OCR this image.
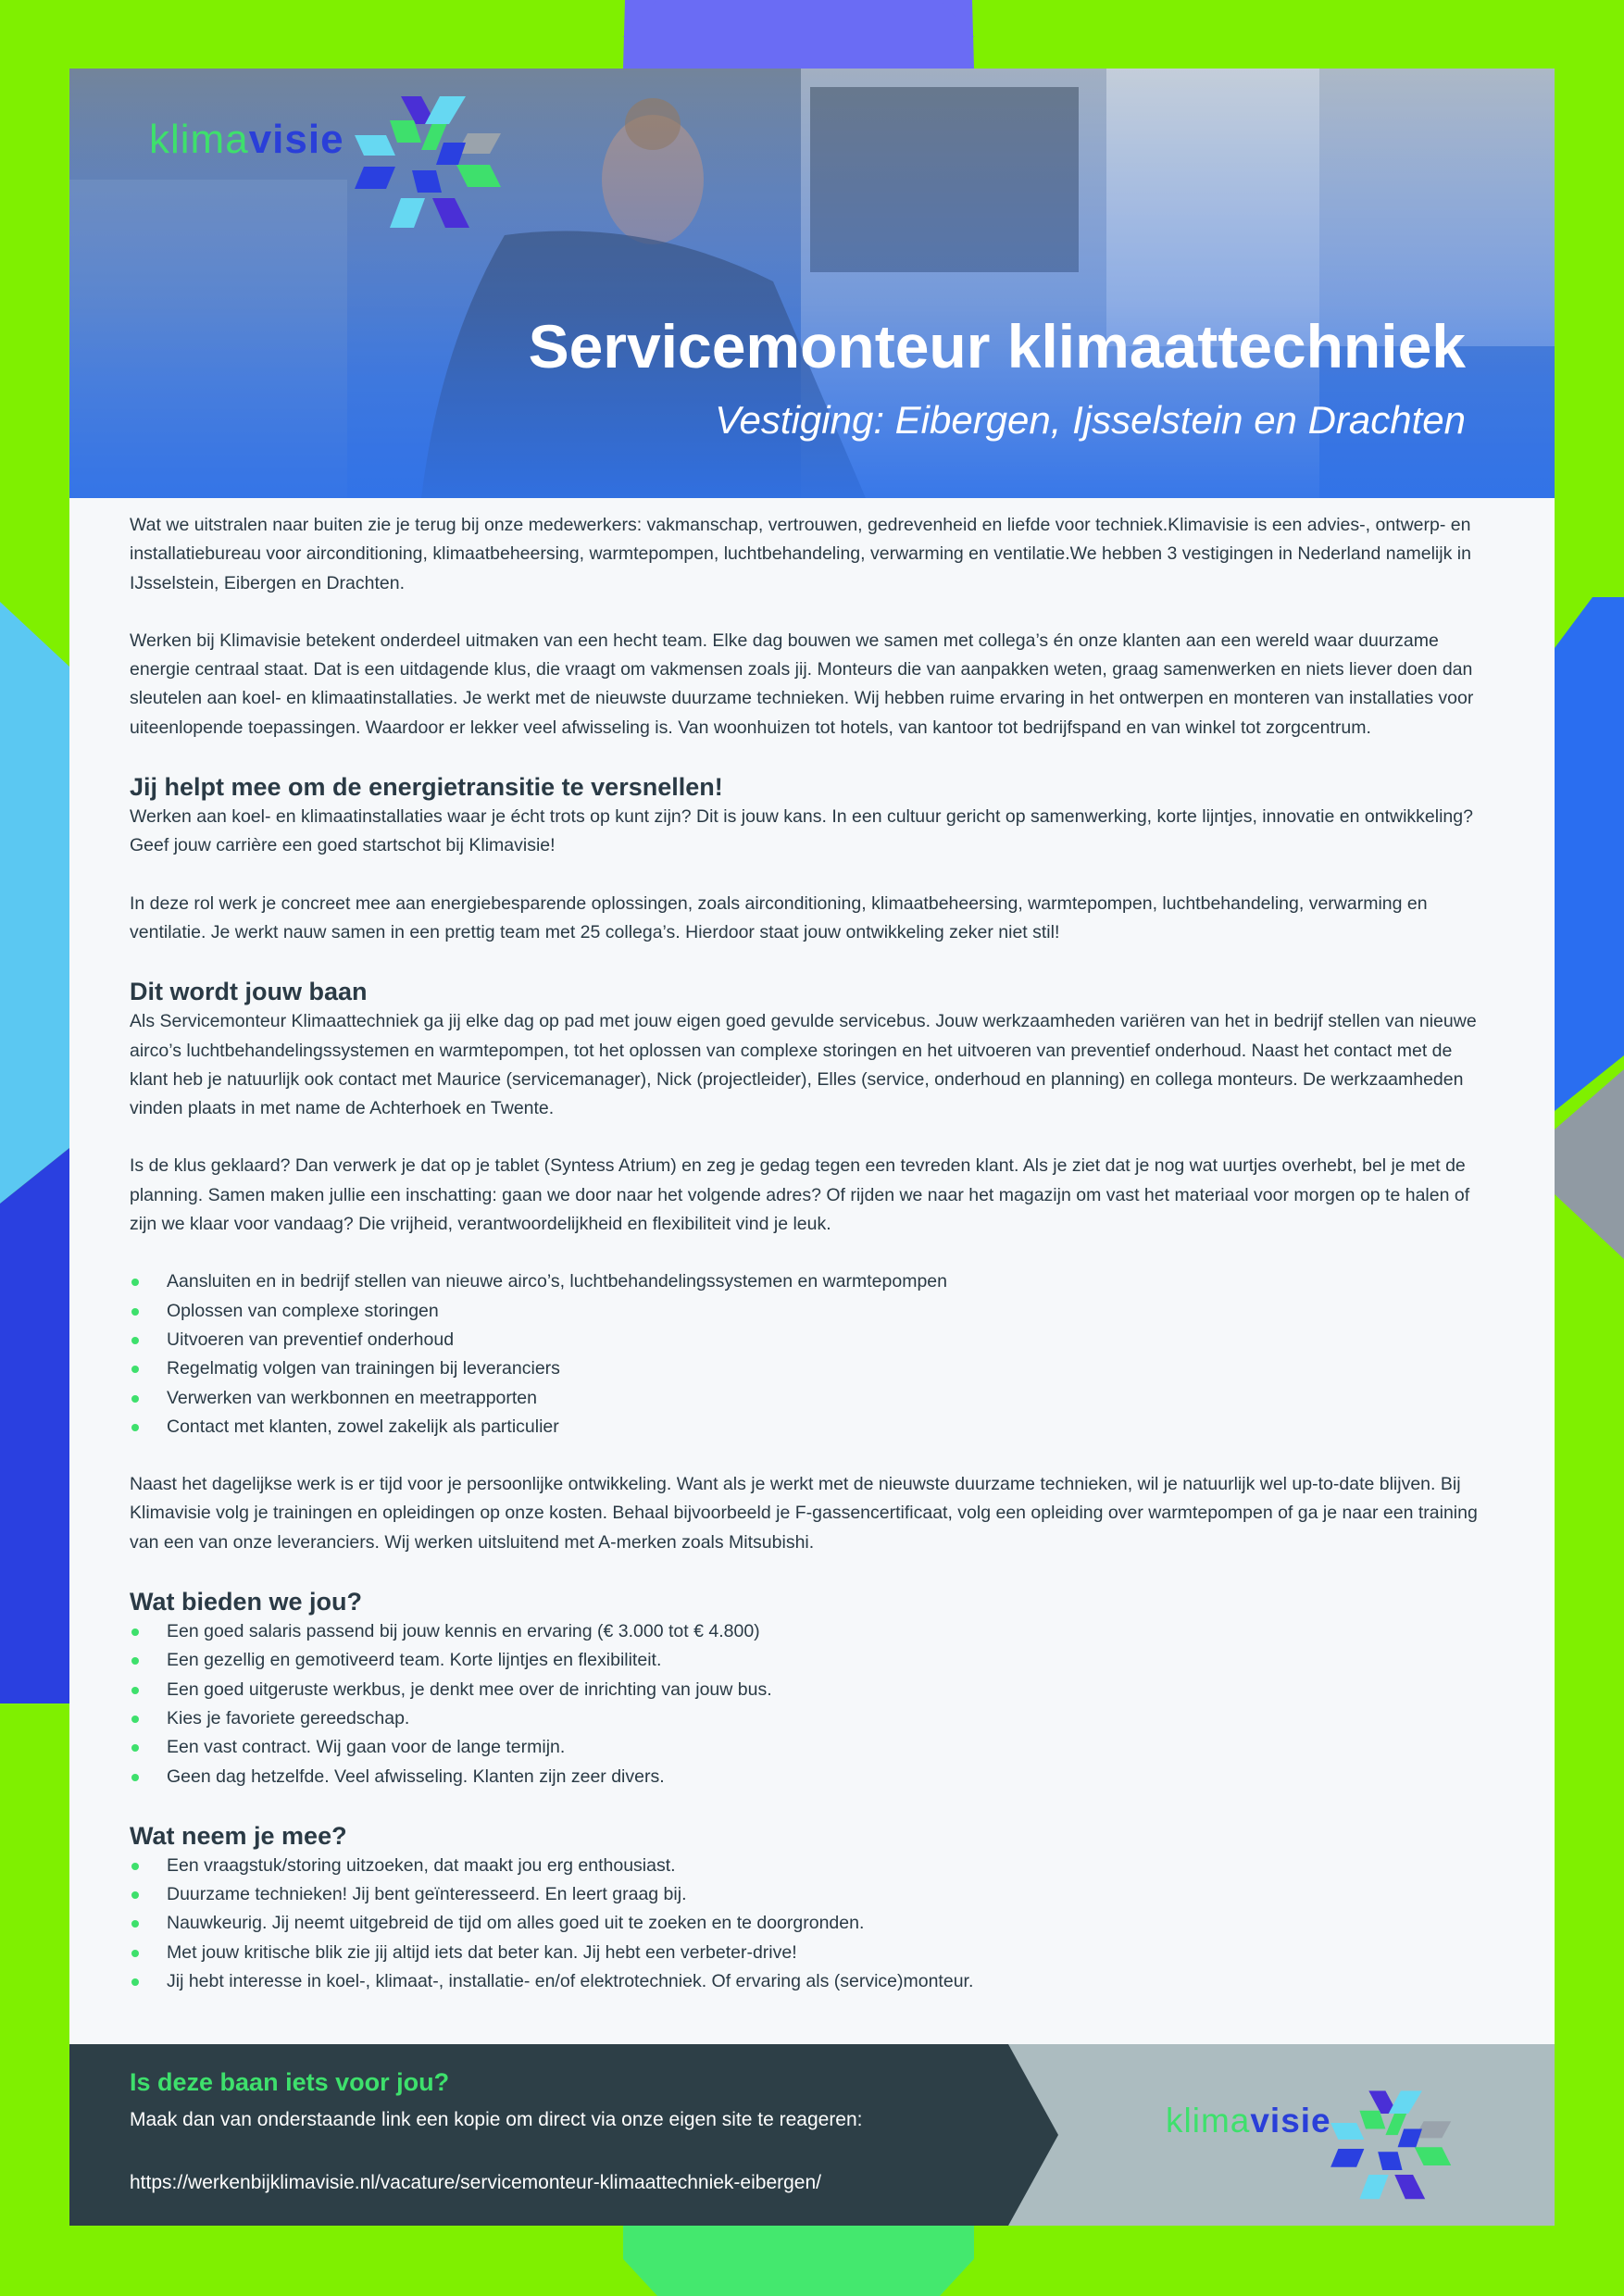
klimavisie
Servicemonteur klimaattechniek

Vestiging: Eibergen, Ijsselstein en Drachten

Wat we uitstralen naar buiten zie je terug bij onze medewerkers: vakmanschap, vertrouwen, gedrevenheid en liefde voor techniek.Klimavisie is een advies-, ontwerp- en installatiebureau voor airconditioning, klimaatbeheersing, warmtepompen, luchtbehandeling, verwarming en ventilatie.We hebben 3 vestigingen in Nederland namelijk in IJsselstein, Eibergen en Drachten.

Werken bij Klimavisie betekent onderdeel uitmaken van een hecht team. Elke dag bouwen we samen met collega’s én onze klanten aan een wereld waar duurzame energie centraal staat. Dat is een uitdagende klus, die vraagt om vakmensen zoals jij. Monteurs die van aanpakken weten, graag samenwerken en niets liever doen dan sleutelen aan koel- en klimaatinstallaties. Je werkt met de nieuwste duurzame technieken. Wij hebben ruime ervaring in het ontwerpen en monteren van installaties voor uiteenlopende toepassingen. Waardoor er lekker veel afwisseling is. Van woonhuizen tot hotels, van kantoor tot bedrijfspand en van winkel tot zorgcentrum.

Jij helpt mee om de energietransitie te versnellen!

Werken aan koel- en klimaatinstallaties waar je écht trots op kunt zijn? Dit is jouw kans. In een cultuur gericht op samenwerking, korte lijntjes, innovatie en ontwikkeling? Geef jouw carrière een goed startschot bij Klimavisie!

In deze rol werk je concreet mee aan energiebesparende oplossingen, zoals airconditioning, klimaatbeheersing, warmtepompen, luchtbehandeling, verwarming en ventilatie. Je werkt nauw samen in een prettig team met 25 collega’s. Hierdoor staat jouw ontwikkeling zeker niet stil!

Dit wordt jouw baan

Als Servicemonteur Klimaattechniek ga jij elke dag op pad met jouw eigen goed gevulde servicebus. Jouw werkzaamheden variëren van het in bedrijf stellen van nieuwe airco’s luchtbehandelingssystemen en warmtepompen, tot het oplossen van complexe storingen en het uitvoeren van preventief onderhoud. Naast het contact met de klant heb je natuurlijk ook contact met Maurice (servicemanager), Nick (projectleider), Elles (service, onderhoud en planning) en collega monteurs. De werkzaamheden vinden plaats in met name de Achterhoek en Twente.

Is de klus geklaard? Dan verwerk je dat op je tablet (Syntess Atrium) en zeg je gedag tegen een tevreden klant. Als je ziet dat je nog wat uurtjes overhebt, bel je met de planning. Samen maken jullie een inschatting: gaan we door naar het volgende adres? Of rijden we naar het magazijn om vast het materiaal voor morgen op te halen of zijn we klaar voor vandaag? Die vrijheid, verantwoordelijkheid en flexibiliteit vind je leuk.

Aansluiten en in bedrijf stellen van nieuwe airco’s, luchtbehandelingssystemen en warmtepompen
Oplossen van complexe storingen
Uitvoeren van preventief onderhoud
Regelmatig volgen van trainingen bij leveranciers
Verwerken van werkbonnen en meetrapporten
Contact met klanten, zowel zakelijk als particulier

Naast het dagelijkse werk is er tijd voor je persoonlijke ontwikkeling. Want als je werkt met de nieuwste duurzame technieken, wil je natuurlijk wel up-to-date blijven. Bij Klimavisie volg je trainingen en opleidingen op onze kosten. Behaal bijvoorbeeld je F-gassencertificaat, volg een opleiding over warmtepompen of ga je naar een training van een van onze leveranciers. Wij werken uitsluitend met A-merken zoals Mitsubishi.

Wat bieden we jou?
Een goed salaris passend bij jouw kennis en ervaring (€ 3.000 tot € 4.800)
Een gezellig en gemotiveerd team. Korte lijntjes en flexibiliteit.
Een goed uitgeruste werkbus, je denkt mee over de inrichting van jouw bus.
Kies je favoriete gereedschap.
Een vast contract. Wij gaan voor de lange termijn.
Geen dag hetzelfde. Veel afwisseling. Klanten zijn zeer divers.
Wat neem je mee?
Een vraagstuk/storing uitzoeken, dat maakt jou erg enthousiast.
Duurzame technieken! Jij bent geïnteresseerd. En leert graag bij.
Nauwkeurig. Jij neemt uitgebreid de tijd om alles goed uit te zoeken en te doorgronden.
Met jouw kritische blik zie jij altijd iets dat beter kan. Jij hebt een verbeter-drive!
Jij hebt interesse in koel-, klimaat-, installatie- en/of elektrotechniek. Of ervaring als (service)monteur.
Is deze baan iets voor jou?

Maak dan van onderstaande link een kopie om direct via onze eigen site te reageren:

https://werkenbijklimavisie.nl/vacature/servicemonteur-klimaattechniek-eibergen/
klimavisie
